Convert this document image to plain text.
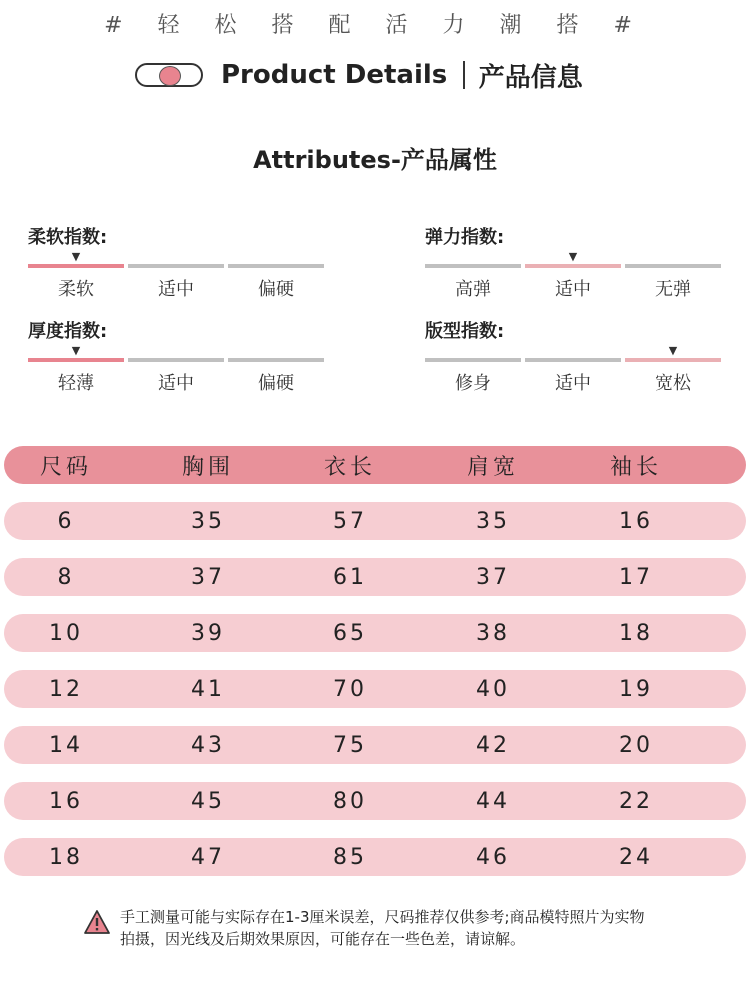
# 轻 松 搭 配 活 力 潮 搭 #
Product Details 产品信息
Attributes-产品属性
柔软指数:
▼
柔软	适中	偏硬
弹力指数:
▼
高弹	适中	无弹
厚度指数:
▼
轻薄	适中	偏硬
版型指数:
▼
修身	适中	宽松
尺码	胸围	衣长	肩宽	袖长
6	35	57	35	16
8	37	61	37	17
10	39	65	38	18
12	41	70	40	19
14	43	75	42	20
16	45	80	44	22
18	47	85	46	24
手工测量可能与实际存在1-3厘米误差，尺码推荐仅供参考;商品模特照片为实物
拍摄，因光线及后期效果原因，可能存在一些色差，请谅解。
